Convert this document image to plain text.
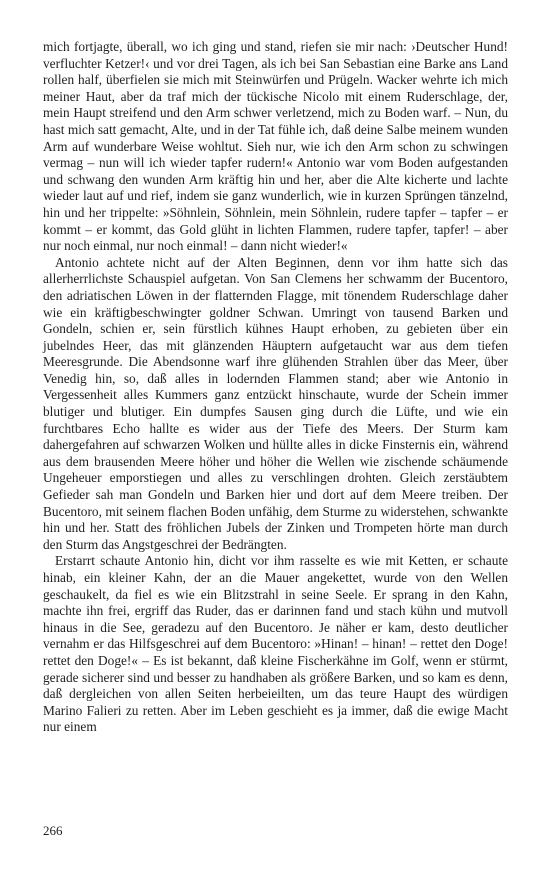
mich fortjagte, überall, wo ich ging und stand, riefen sie mir nach: ›Deutscher Hund! verfluchter Ketzer!‹ und vor drei Tagen, als ich bei San Sebastian eine Barke ans Land rollen half, überfielen sie mich mit Steinwürfen und Prügeln. Wacker wehrte ich mich meiner Haut, aber da traf mich der tückische Nicolo mit einem Ruderschlage, der, mein Haupt streifend und den Arm schwer verletzend, mich zu Boden warf. – Nun, du hast mich satt gemacht, Alte, und in der Tat fühle ich, daß deine Salbe meinem wunden Arm auf wunderbare Weise wohltut. Sieh nur, wie ich den Arm schon zu schwingen vermag – nun will ich wieder tapfer rudern!« Antonio war vom Boden aufgestanden und schwang den wunden Arm kräftig hin und her, aber die Alte kicherte und lachte wieder laut auf und rief, indem sie ganz wunderlich, wie in kurzen Sprüngen tänzelnd, hin und her trippelte: »Söhnlein, Söhnlein, mein Söhnlein, rudere tapfer – tapfer – er kommt – er kommt, das Gold glüht in lichten Flammen, rudere tapfer, tapfer! – aber nur noch einmal, nur noch einmal! – dann nicht wieder!«

Antonio achtete nicht auf der Alten Beginnen, denn vor ihm hatte sich das allerherrlichste Schauspiel aufgetan. Von San Clemens her schwamm der Bucentoro, den adriatischen Löwen in der flatternden Flagge, mit tönendem Ruderschlage daher wie ein kräftigbeschwingter goldner Schwan. Umringt von tausend Barken und Gondeln, schien er, sein fürstlich kühnes Haupt erhoben, zu gebieten über ein jubelndes Heer, das mit glänzenden Häuptern aufgetaucht war aus dem tiefen Meeresgrunde. Die Abendsonne warf ihre glühenden Strahlen über das Meer, über Venedig hin, so, daß alles in lodernden Flammen stand; aber wie Antonio in Vergessenheit alles Kummers ganz entzückt hinschaute, wurde der Schein immer blutiger und blutiger. Ein dumpfes Sausen ging durch die Lüfte, und wie ein furchtbares Echo hallte es wider aus der Tiefe des Meers. Der Sturm kam dahergefahren auf schwarzen Wolken und hüllte alles in dicke Finsternis ein, während aus dem brausenden Meere höher und höher die Wellen wie zischende schäumende Ungeheuer emporstiegen und alles zu verschlingen drohten. Gleich zerstäubtem Gefieder sah man Gondeln und Barken hier und dort auf dem Meere treiben. Der Bucentoro, mit seinem flachen Boden unfähig, dem Sturme zu widerstehen, schwankte hin und her. Statt des fröhlichen Jubels der Zinken und Trompeten hörte man durch den Sturm das Angstgeschrei der Bedrängten.

Erstarrt schaute Antonio hin, dicht vor ihm rasselte es wie mit Ketten, er schaute hinab, ein kleiner Kahn, der an die Mauer angekettet, wurde von den Wellen geschaukelt, da fiel es wie ein Blitzstrahl in seine Seele. Er sprang in den Kahn, machte ihn frei, ergriff das Ruder, das er darinnen fand und stach kühn und mutvoll hinaus in die See, geradezu auf den Bucentoro. Je näher er kam, desto deutlicher vernahm er das Hilfsgeschrei auf dem Bucentoro: »Hinan! – hinan! – rettet den Doge! rettet den Doge!« – Es ist bekannt, daß kleine Fischerkähne im Golf, wenn er stürmt, gerade sicherer sind und besser zu handhaben als größere Barken, und so kam es denn, daß dergleichen von allen Seiten herbeieilten, um das teure Haupt des würdigen Marino Falieri zu retten. Aber im Leben geschieht es ja immer, daß die ewige Macht nur einem

266
